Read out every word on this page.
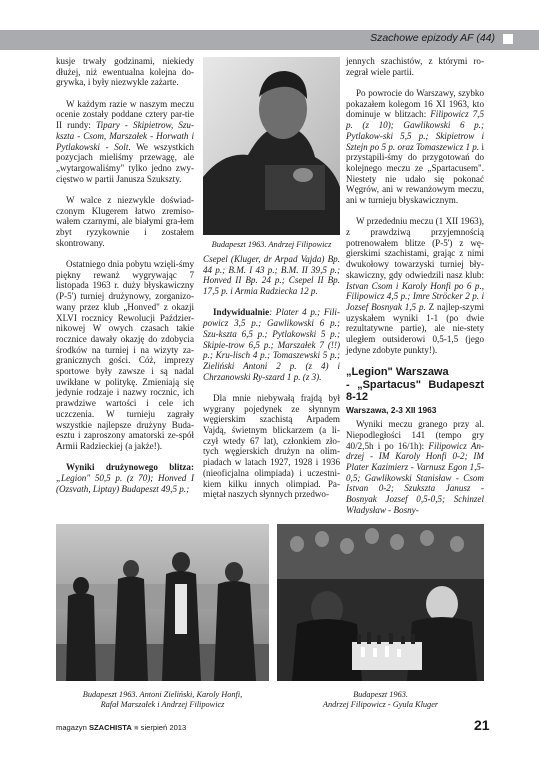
Szachowe epizody AF (44)

kusje trwały godzinami, niekiedy dłużej, niż ewentualna kolejna do-grywka, i były niezwykle zażarte.

W każdym razie w naszym meczu ocenie zostały poddane cztery par-tie II rundy: Tipary - Skipietrow, Szu-kszta - Csom, Marszałek - Horwath i Pytlakowski - Solt. We wszystkich pozycjach mieliśmy przewagę, ale „wytargowaliśmy" tylko jedno zwy-cięstwo w partii Janusza Szukszty.

W walce z niezwykle doświad-czonym Klugerem łatwo zremiso-wałem czarnymi, ale białymi gra-łem zbyt ryzykownie i zostałem skontrowany.

Ostatniego dnia pobytu wzięli-śmy piękny rewanż wygrywając 7 listopada 1963 r. duży błyskawiczny (P-5') turniej drużynowy, zorganizo-wany przez klub „Honved" z okazji XLVI rocznicy Rewolucji Paździer-nikowej W owych czasach takie rocznice dawały okazję do zdobycia środków na turniej i na wizyty za-granicznych gości. Cóż, imprezy sportowe były zawsze i są nadal uwikłane w politykę. Zmieniają się jedynie rodzaje i nazwy rocznic, ich prawdziwe wartości i cele ich uczczenia. W turnieju zagrały wszystkie najlepsze drużyny Buda-esztu i zaproszony amatorski ze-spół Armii Radzieckiej (a jakże!).

Wyniki drużynowego blitza: „Legion" 50,5 p. (z 70); Honved I (Ozsvath, Liptay) Budapeszt 49,5 p.;

Budapeszt 1963. Andrzej Filipowicz

Csepel (Kluger, dr Arpad Vajda) Bp. 44 p.; B.M. I 43 p.; B.M. II 39,5 p.; Honved II Bp. 24 p.; Csepel II Bp. 17,5 p. i Armia Radziecka 12 p.

Indywidualnie: Plater 4 p.; Fili-powicz 3,5 p.; Gawlikowski 6 p.; Szu-kszta 6,5 p.; Pytlakowski 5 p.; Skipie-trow 6,5 p.; Marszałek 7 (!!) p.; Kru-lisch 4 p.; Tomaszewski 5 p.; Zieliński Antoni 2 p. (z 4) i Chrzanowski Ry-szard 1 p. (z 3).

Dla mnie niebywałą frajdą był wygrany pojedynek ze słynnym węgierskim szachistą Arpadem Vajdą, świetnym blickarzem (a li-czył wtedy 67 lat), członkiem zło-tych węgierskich drużyn na olim-piadach w latach 1927, 1928 i 1936 (nieoficjalna olimpiada) i uczestni-kiem kilku innych olimpiad. Pa-miętał naszych słynnych przedwo-

jennych szachistów, z którymi ro-zegrał wiele partii.

Po powrocie do Warszawy, szybko pokazałem kolegom 16 XI 1963, kto dominuje w blitzach: Filipowicz 7,5 p. (z 10); Gawlikowski 6 p.; Pytlakow-ski 5,5 p.; Skipietrow i Sztejn po 5 p. oraz Tomaszewicz 1 p. i przystąpili-śmy do przygotowań do kolejnego meczu ze „Spartacusem". Niestety nie udało się pokonać Węgrów, ani w rewanżowym meczu, ani w turnieju błyskawicznym.

W przededniu meczu (1 XII 1963), z prawdziwą przyjemnością potrenowałem blitze (P-5') z wę-gierskimi szachistami, grając z nimi dwukołowy towarzyski turniej bły-skawiczny, gdy odwiedzili nasz klub: Istvan Csom i Karoly Honfi po 6 p., Filipowicz 4,5 p.; Imre Ströcker 2 p. i Jozsef Bosnyak 1,5 p. Z najlep-szymi uzyskałem wyniki 1-1 (po dwie rezultatywne partie), ale nie-stety uległem outsiderowi 0,5-1,5 (jego jedyne zdobyte punkty!).

„Legion" Warszawa
- „Spartacus" Budapeszt 8-12
Warszawa, 2-3 XII 1963

Wyniki meczu granego przy al. Niepodległości 141 (tempo gry 40/2,5h i po 16/1h): Filipowicz An-drzej - IM Karoly Honfi 0-2; IM Plater Kazimierz - Varnusz Egon 1,5-0,5; Gawlikowski Stanisław - Csom Istvan 0-2; Szukszta Janusz - Bosnyak Jozsef 0,5-0,5; Schinzel Władysław - Bosny-

Budapeszt 1963. Antoni Zieliński, Karoly Honfi,
Rafał Marszałek i Andrzej Filipowicz
Budapeszt 1963.
Andrzej Filipowicz - Gyula Kluger
magazyn SZACHISTA ■ sierpień 2013	21
